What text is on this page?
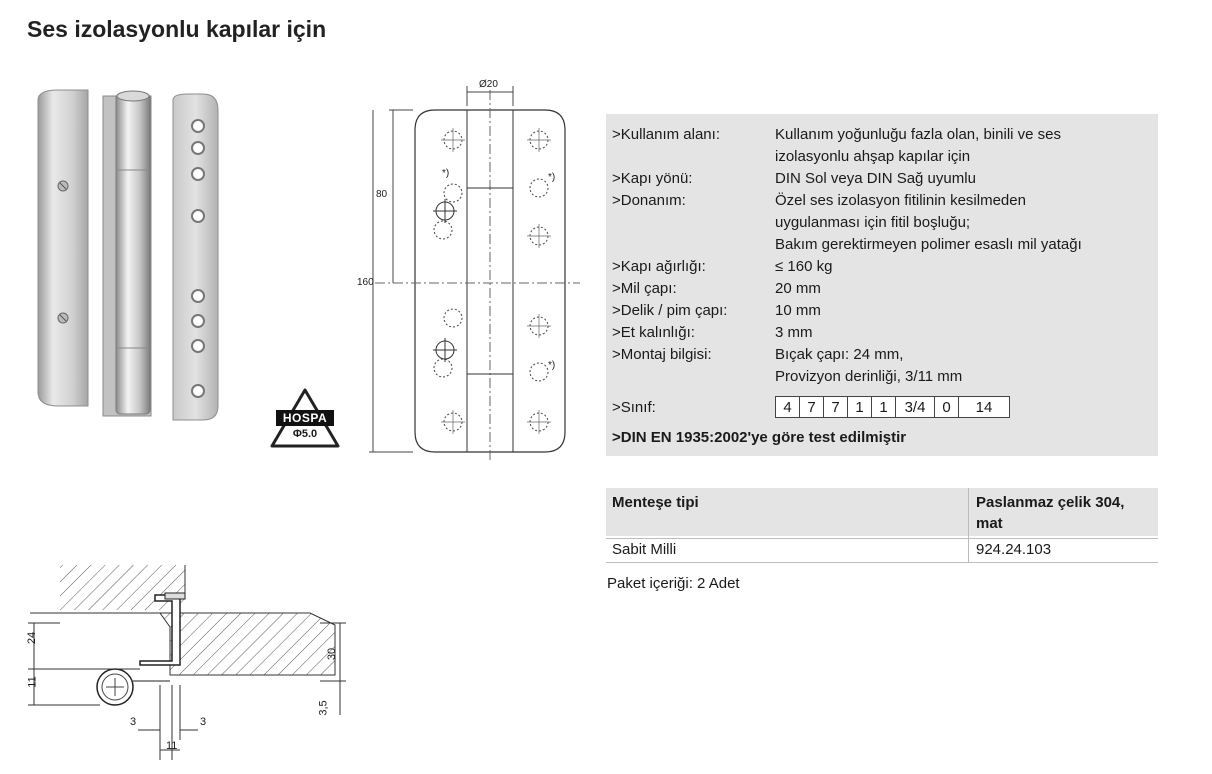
Ses izolasyonlu kapılar için
HOSPA
Φ5.0
Ø20
80
160
*)	*)
*)
24
11
30
3,5
3	3
11
>Kullanım alanı:	Kullanım yoğunluğu fazla olan, binili ve ses
izolasyonlu ahşap kapılar için
>Kapı yönü:	DIN Sol veya DIN Sağ uyumlu
>Donanım:	Özel ses izolasyon fitilinin kesilmeden
uygulanması için fitil boşluğu;
Bakım gerektirmeyen polimer esaslı mil yatağı
>Kapı ağırlığı:	≤ 160 kg
>Mil çapı:	20 mm
>Delik / pim çapı:	10 mm
>Et kalınlığı:	3 mm
>Montaj bilgisi:	Bıçak çapı: 24 mm,
Provizyon derinliği, 3/11 mm
>Sınıf:	4	7	7	1	1	3/4	0	14
>DIN EN 1935:2002'ye göre test edilmiştir
Menteşe tipi	Paslanmaz çelik 304,
mat
Sabit Milli	924.24.103
Paket içeriği: 2 Adet
